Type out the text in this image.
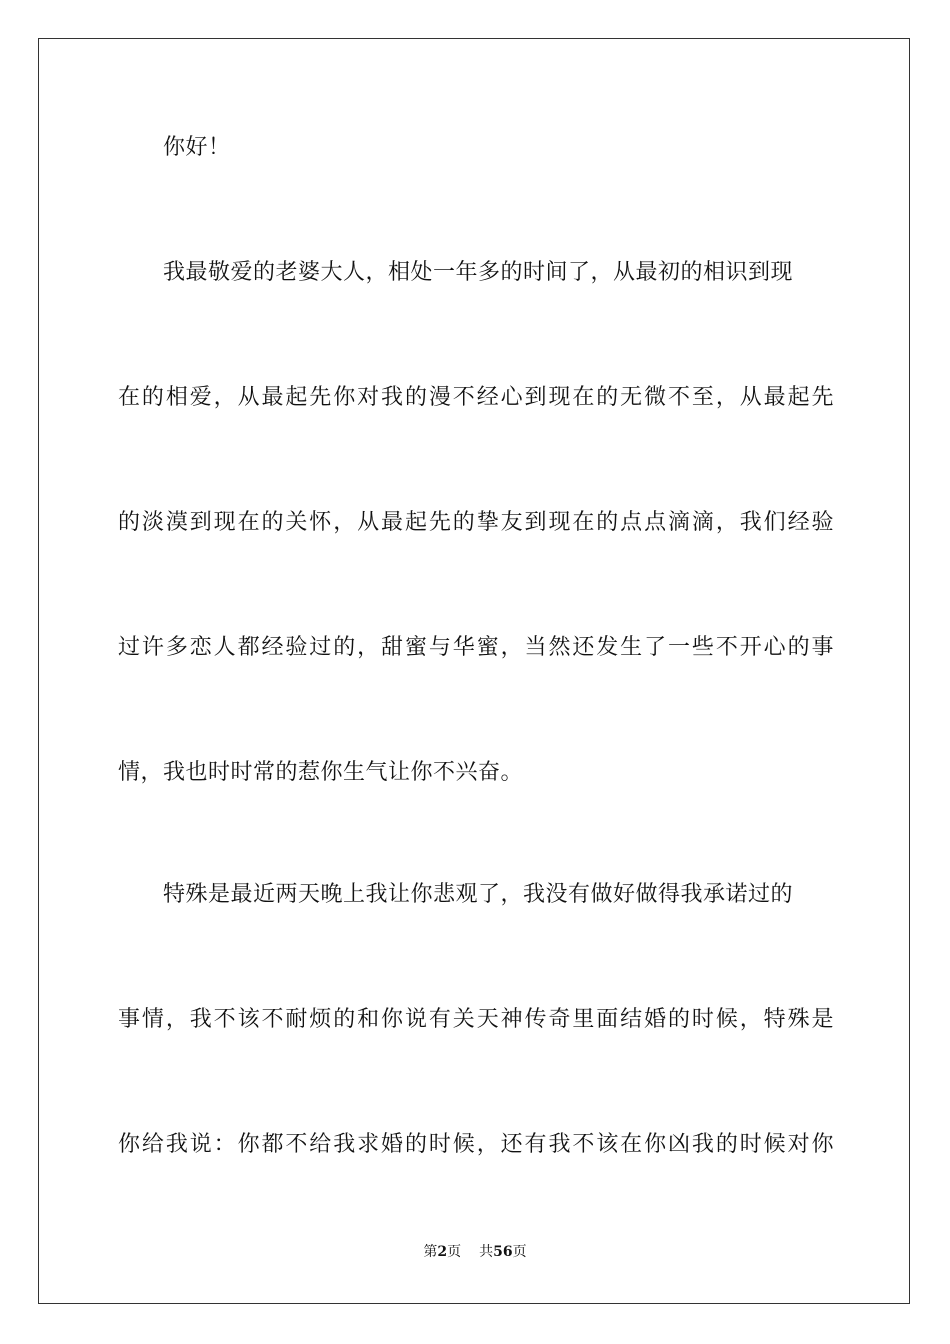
你好！
我最敬爱的老婆大人，相处一年多的时间了，从最初的相识到现
在的相爱，从最起先你对我的漫不经心到现在的无微不至，从最起先
的淡漠到现在的关怀，从最起先的挚友到现在的点点滴滴，我们经验
过许多恋人都经验过的，甜蜜与华蜜，当然还发生了一些不开心的事
情，我也时时常的惹你生气让你不兴奋。
特殊是最近两天晚上我让你悲观了，我没有做好做得我承诺过的
事情，我不该不耐烦的和你说有关天神传奇里面结婚的时候，特殊是
你给我说：你都不给我求婚的时候，还有我不该在你凶我的时候对你
第2页 共56页
